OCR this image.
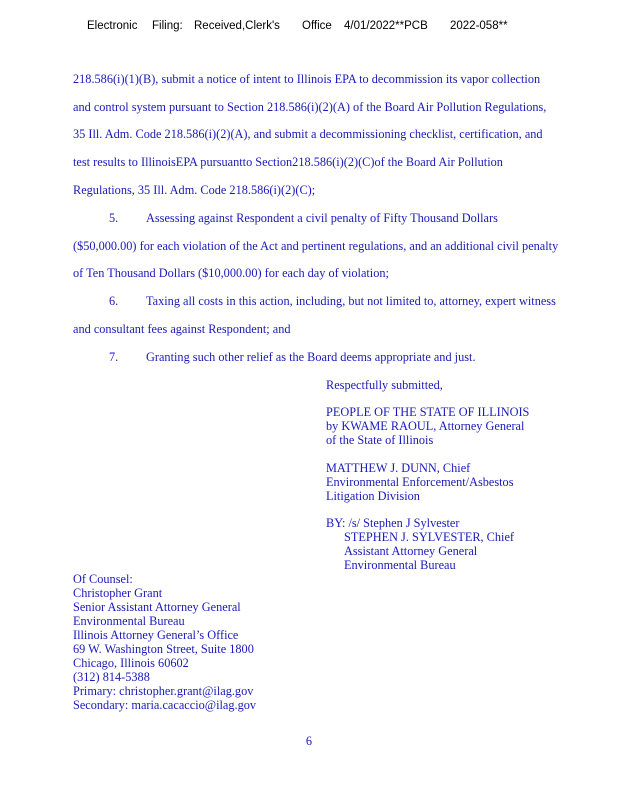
Electronic Filing: Received,Clerk's Office 4/01/2022**PCB 2022-058**
218.586(i)(1)(B), submit a notice of intent to Illinois EPA to decommission its vapor collection
and control system pursuant to Section 218.586(i)(2)(A) of the Board Air Pollution Regulations,
35 Ill. Adm. Code 218.586(i)(2)(A), and submit a decommissioning checklist, certification, and
test results to IllinoisEPA pursuantto Section218.586(i)(2)(C)of the Board Air Pollution
Regulations, 35 Ill. Adm. Code 218.586(i)(2)(C);
5. Assessing against Respondent a civil penalty of Fifty Thousand Dollars
($50,000.00) for each violation of the Act and pertinent regulations, and an additional civil penalty
of Ten Thousand Dollars ($10,000.00) for each day of violation;
6. Taxing all costs in this action, including, but not limited to, attorney, expert witness
and consultant fees against Respondent; and
7. Granting such other relief as the Board deems appropriate and just.
Respectfully submitted,
PEOPLE OF THE STATE OF ILLINOIS
by KWAME RAOUL, Attorney General
of the State of Illinois
MATTHEW J. DUNN, Chief
Environmental Enforcement/Asbestos
Litigation Division
BY: /s/ Stephen J Sylvester
STEPHEN J. SYLVESTER, Chief
Assistant Attorney General
Environmental Bureau
Of Counsel:
Christopher Grant
Senior Assistant Attorney General
Environmental Bureau
Illinois Attorney General’s Office
69 W. Washington Street, Suite 1800
Chicago, Illinois 60602
(312) 814-5388
Primary: christopher.grant@ilag.gov
Secondary: maria.cacaccio@ilag.gov
6
